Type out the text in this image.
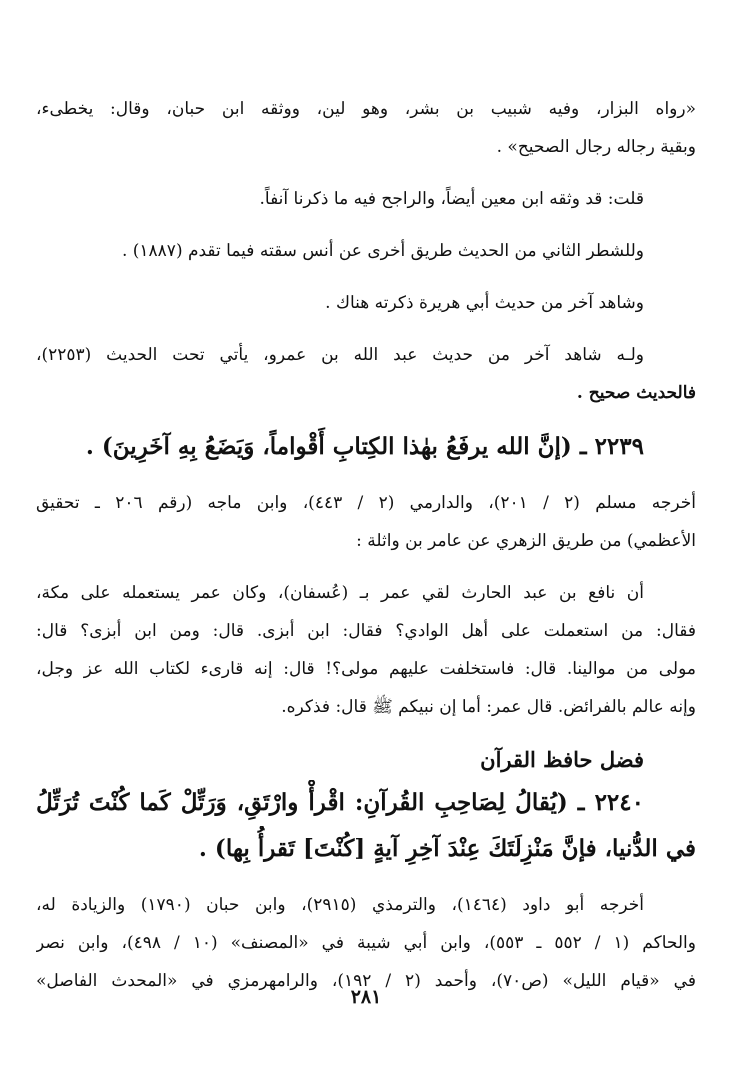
«رواه البزار، وفيه شبيب بن بشر، وهو لين، ووثقه ابن حبان، وقال: يخطىء،
وبقية رجاله رجال الصحيح» .
قلت: قد وثقه ابن معين أيضاً، والراجح فيه ما ذكرنا آنفاً.
وللشطر الثاني من الحديث طريق أخرى عن أنس سقته فيما تقدم (١٨٨٧) .
وشاهد آخر من حديث أبي هريرة ذكرته هناك .
ولـه شاهد آخر من حديث عبد الله بن عمرو، يأتي تحت الحديث (٢٢٥٣)،
فالحديث صحيح .
٢٢٣٩ ـ (إنَّ الله يرفَعُ بهٰذا الكِتابِ أَقْواماً، وَيَضَعُ بِهِ آخَرِينَ) .
أخرجه مسلم (٢ / ٢٠١)، والدارمي (٢ / ٤٤٣)، وابن ماجه (رقم ٢٠٦ ـ تحقيق
الأعظمي) من طريق الزهري عن عامر بن واثلة :
أن نافع بن عبد الحارث لقي عمر بـ (عُسفان)، وكان عمر يستعمله على مكة،
فقال: من استعملت على أهل الوادي؟ فقال: ابن أبزى. قال: ومن ابن أبزى؟ قال:
مولى من موالينا. قال: فاستخلفت عليهم مولى؟! قال: إنه قارىء لكتاب الله عز وجل،
وإنه عالم بالفرائض. قال عمر: أما إن نبيكم ﷺ قال: فذكره.
فضل حافظ القرآن
٢٢٤٠ ـ (يُقالُ لِصَاحِبِ القُرآنِ: اقْرأْ وارْتَقِ، وَرَتِّلْ كَما كُنْتَ تُرَتِّلُ
في الدُّنيا، فإنَّ مَنْزِلَتَكَ عِنْدَ آخِرِ آيةٍ [كُنْتَ] تَقرأُ بِها) .
أخرجه أبو داود (١٤٦٤)، والترمذي (٢٩١٥)، وابن حبان (١٧٩٠) والزيادة له،
والحاكم (١ / ٥٥٢ ـ ٥٥٣)، وابن أبي شيبة في «المصنف» (١٠ / ٤٩٨)، وابن نصر
في «قيام الليل» (ص٧٠)، وأحمد (٢ / ١٩٢)، والرامهرمزي في «المحدث الفاصل»
٢٨١
